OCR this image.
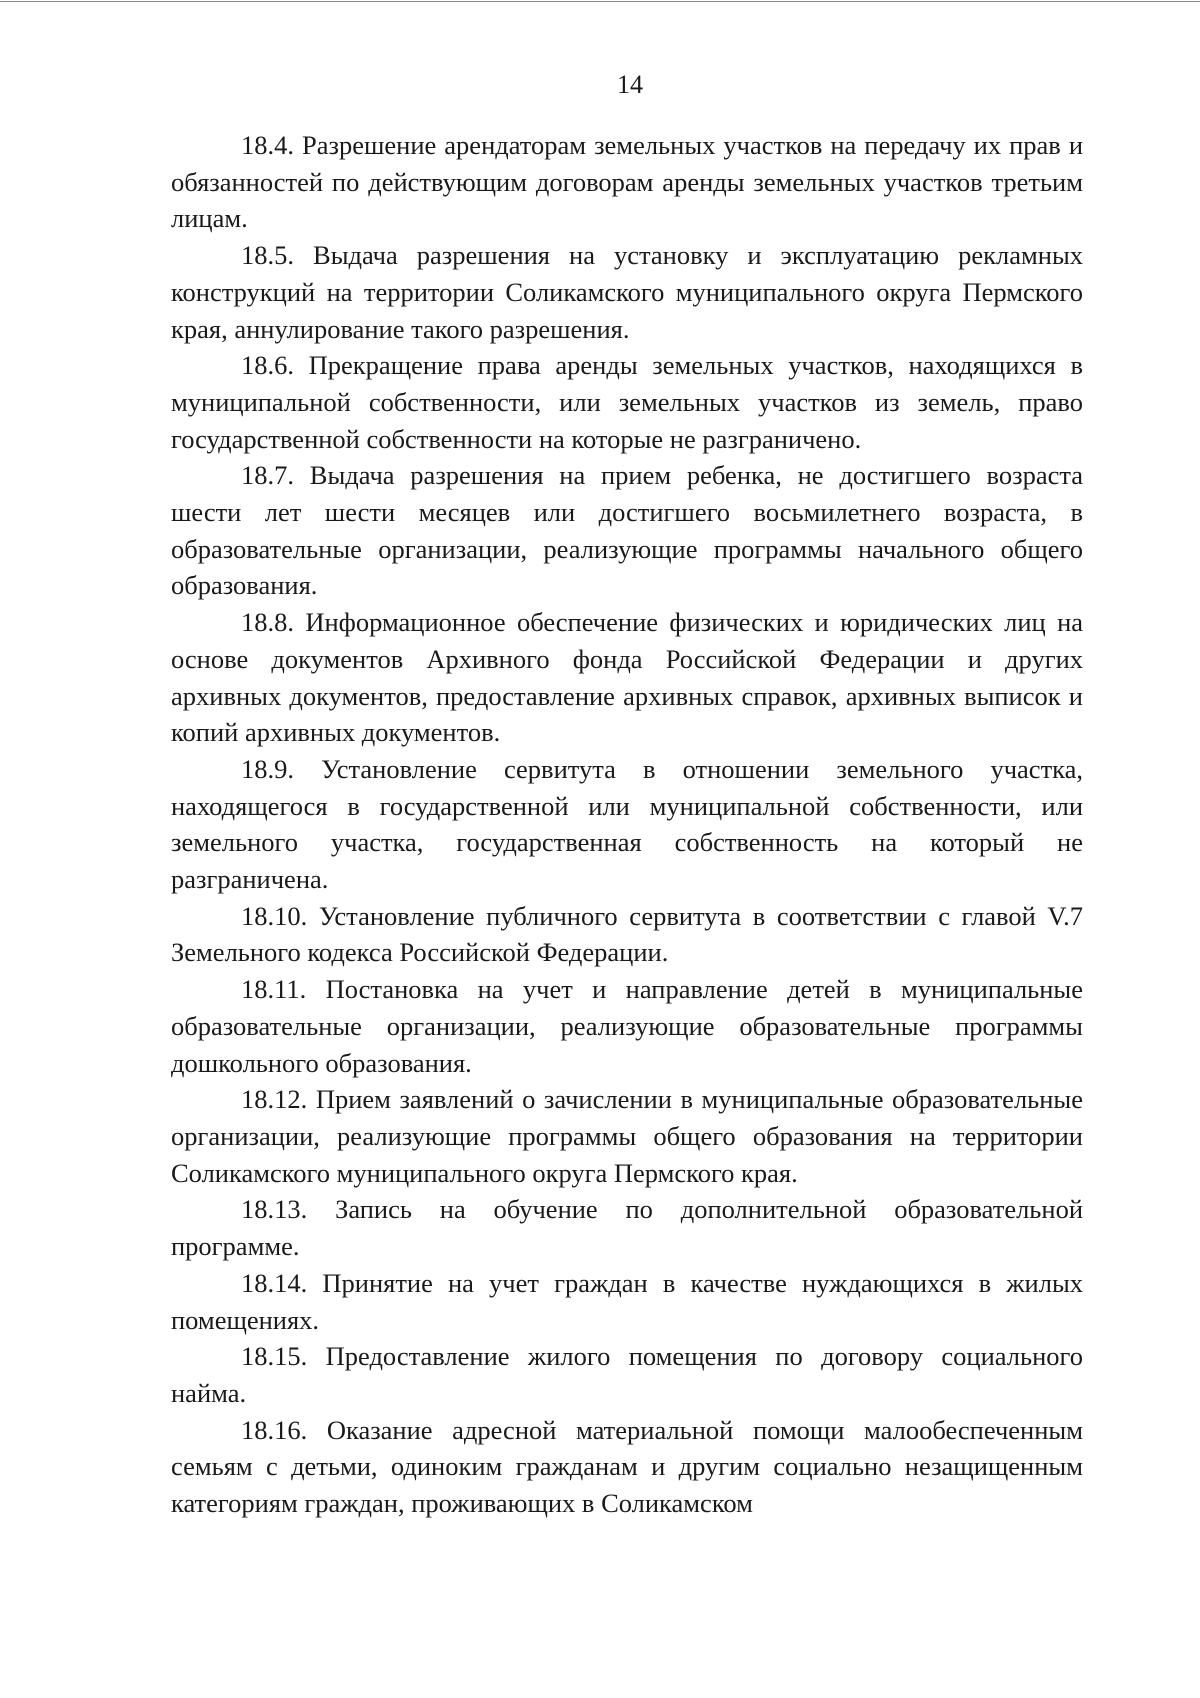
14

18.4. Разрешение арендаторам земельных участков на передачу их прав и обязанностей по действующим договорам аренды земельных участков третьим лицам.

18.5. Выдача разрешения на установку и эксплуатацию рекламных конструкций на территории Соликамского муниципального округа Пермского края, аннулирование такого разрешения.

18.6. Прекращение права аренды земельных участков, находящихся в муниципальной собственности, или земельных участков из земель, право государственной собственности на которые не разграничено.

18.7. Выдача разрешения на прием ребенка, не достигшего возраста шести лет шести месяцев или достигшего восьмилетнего возраста, в образовательные организации, реализующие программы начального общего образования.

18.8. Информационное обеспечение физических и юридических лиц на основе документов Архивного фонда Российской Федерации и других архивных документов, предоставление архивных справок, архивных выписок и копий архивных документов.

18.9. Установление сервитута в отношении земельного участка, находящегося в государственной или муниципальной собственности, или земельного участка, государственная собственность на который не разграничена.

18.10. Установление публичного сервитута в соответствии с главой V.7 Земельного кодекса Российской Федерации.

18.11. Постановка на учет и направление детей в муниципальные образовательные организации, реализующие образовательные программы дошкольного образования.

18.12. Прием заявлений о зачислении в муниципальные образовательные организации, реализующие программы общего образования на территории Соликамского муниципального округа Пермского края.

18.13. Запись на обучение по дополнительной образовательной программе.

18.14. Принятие на учет граждан в качестве нуждающихся в жилых помещениях.

18.15. Предоставление жилого помещения по договору социального найма.

18.16. Оказание адресной материальной помощи малообеспеченным семьям с детьми, одиноким гражданам и другим социально незащищенным категориям граждан, проживающих в Соликамском
